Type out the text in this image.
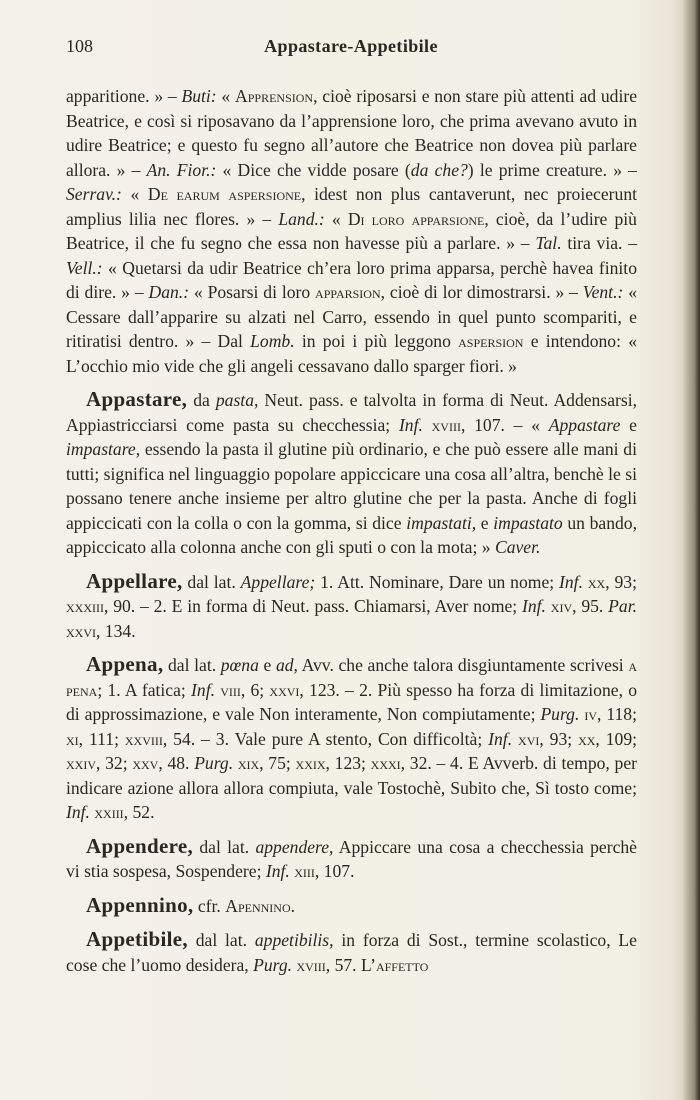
108	Appastare-Appetibile

apparitione. » – Buti: « Apprension, cioè riposarsi e non stare più attenti ad udire Beatrice, e così si riposavano da l’apprensione loro, che prima avevano avuto in udire Beatrice; e questo fu segno all’autore che Beatrice non dovea più parlare allora. » – An. Fior.: « Dice che vidde posare (da che?) le prime creature. » – Serrav.: « De earum aspersione, idest non plus cantaverunt, nec proiecerunt amplius lilia nec flores. » – Land.: « Di loro apparsione, cioè, da l’udire più Beatrice, il che fu segno che essa non havesse più a parlare. » – Tal. tira via. – Vell.: « Quetarsi da udir Beatrice ch’era loro prima apparsa, perchè havea finito di dire. » – Dan.: « Posarsi di loro apparsion, cioè di lor dimostrarsi. » – Vent.: « Cessare dall’apparire su alzati nel Carro, essendo in quel punto scompariti, e ritiratisi dentro. » – Dal Lomb. in poi i più leggono aspersion e intendono: « L’occhio mio vide che gli angeli cessavano dallo sparger fiori. »

Appastare, da pasta, Neut. pass. e talvolta in forma di Neut. Addensarsi, Appiastricciarsi come pasta su checchessia; Inf. xviii, 107. – « Appastare e impastare, essendo la pasta il glutine più ordinario, e che può essere alle mani di tutti; significa nel linguaggio popolare appiccicare una cosa all’altra, benchè le si possano tenere anche insieme per altro glutine che per la pasta. Anche di fogli appiccicati con la colla o con la gomma, si dice impastati, e impastato un bando, appiccicato alla colonna anche con gli sputi o con la mota; » Caver.

Appellare, dal lat. Appellare; 1. Att. Nominare, Dare un nome; Inf. xx, 93; xxxiii, 90. – 2. E in forma di Neut. pass. Chiamarsi, Aver nome; Inf. xiv, 95. Par. xxvi, 134.

Appena, dal lat. pœna e ad, Avv. che anche talora disgiuntamente scrivesi a pena; 1. A fatica; Inf. viii, 6; xxvi, 123. – 2. Più spesso ha forza di limitazione, o di approssimazione, e vale Non interamente, Non compiutamente; Purg. iv, 118; xi, 111; xxviii, 54. – 3. Vale pure A stento, Con difficoltà; Inf. xvi, 93; xx, 109; xxiv, 32; xxv, 48. Purg. xix, 75; xxix, 123; xxxi, 32. – 4. E Avverb. di tempo, per indicare azione allora allora compiuta, vale Tostochè, Subito che, Sì tosto come; Inf. xxiii, 52.

Appendere, dal lat. appendere, Appiccare una cosa a checchessia perchè vi stia sospesa, Sospendere; Inf. xiii, 107.

Appennino, cfr. Apennino.

Appetibile, dal lat. appetibilis, in forza di Sost., termine scolastico, Le cose che l’uomo desidera, Purg. xviii, 57. L’affetto
